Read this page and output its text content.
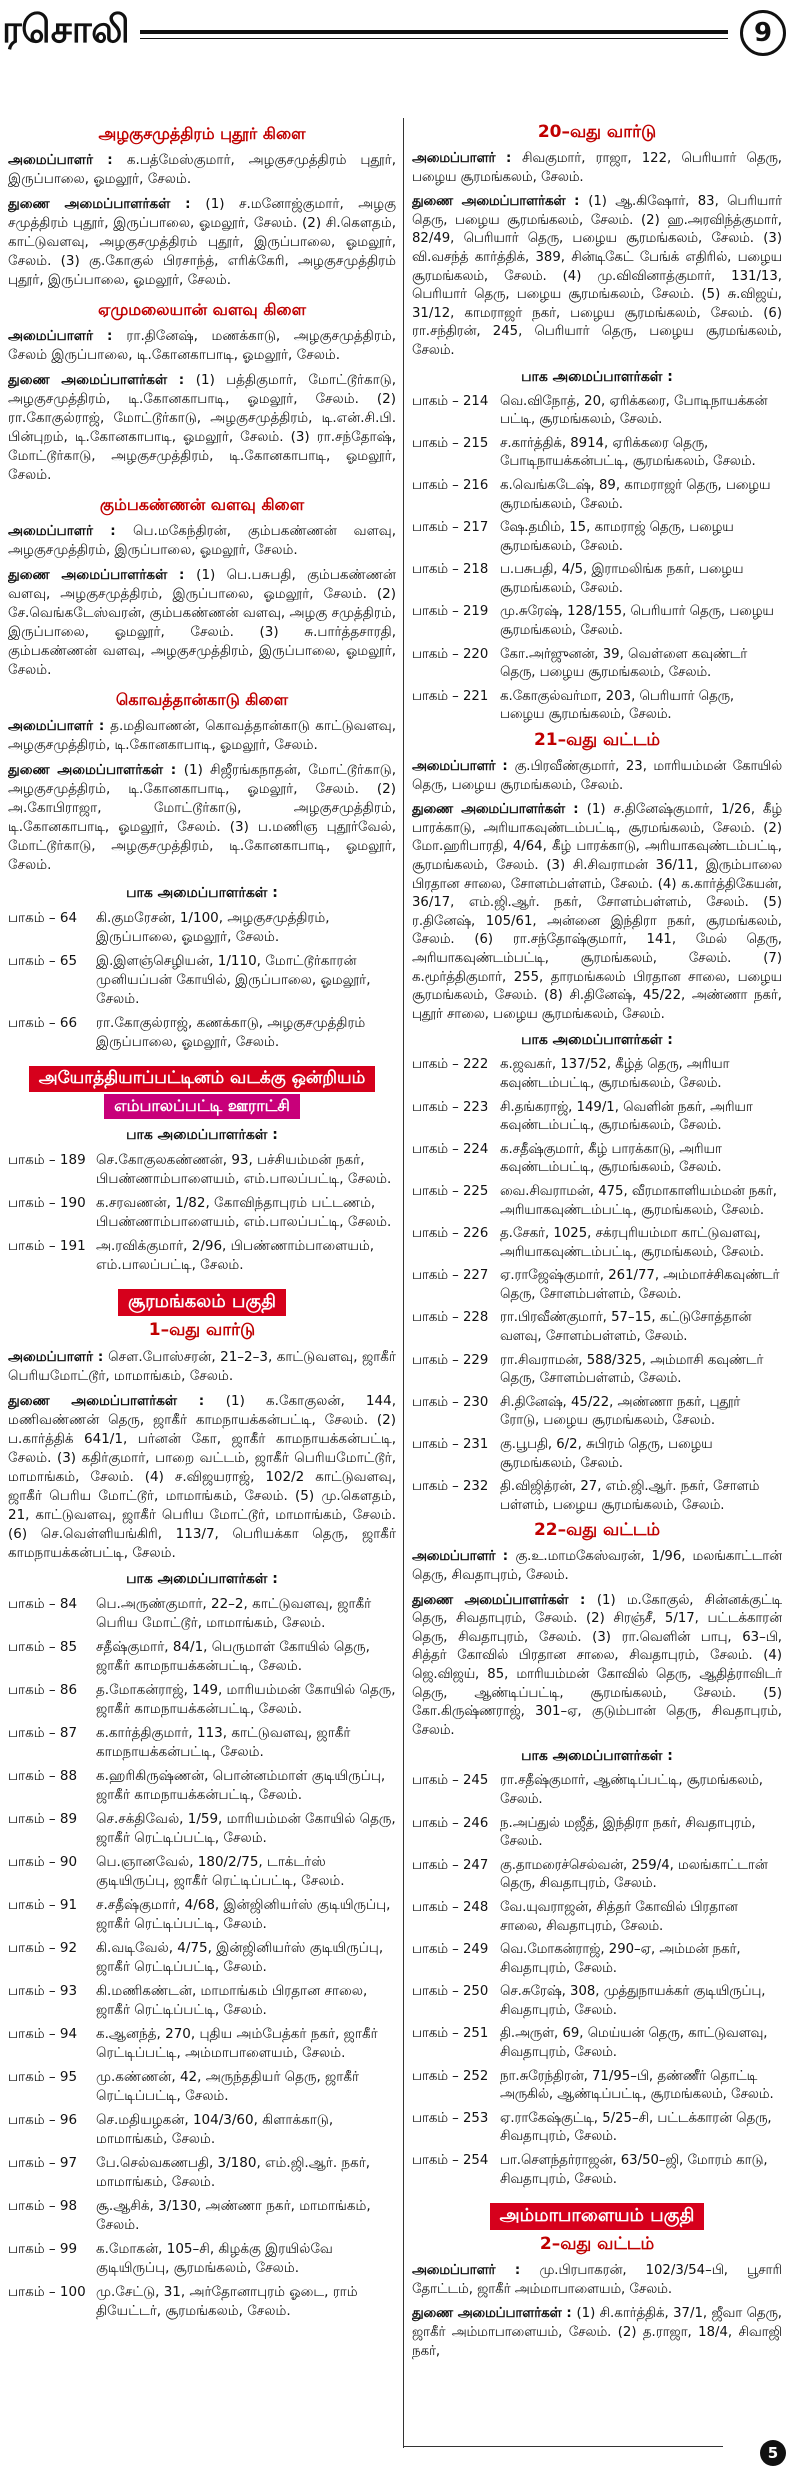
ரசொலி	9
அழகுசமுத்திரம் புதூர் கிளை
அமைப்பாளர் : க.பத்மேஸ்குமார், அழகுசமுத்திரம் புதூர், இருப்பாலை, ஓமலூர், சேலம்.
துணை அமைப்பாளர்கள் : (1) ச.மனோஜ்குமார், அழகு சமுத்திரம் புதூர், இருப்பாலை, ஓமலூர், சேலம். (2) சி.கௌதம், காட்டுவளவு, அழகுசமுத்திரம் புதூர், இருப்பாலை, ஓமலூர், சேலம். (3) கு.கோகுல் பிரசாந்த், எரிக்கேரி, அழகுசமுத்திரம் புதூர், இருப்பாலை, ஓமலூர், சேலம்.
ஏமுமலையான் வளவு கிளை
அமைப்பாளர் : ரா.தினேஷ், மணக்காடு, அழகுசமுத்திரம், சேலம் இருப்பாலை, டி.கோனகாபாடி, ஓமலூர், சேலம்.
துணை அமைப்பாளர்கள் : (1) பத்திகுமார், மோட்டூர்காடு, அழகுசமுத்திரம், டி.கோனகாபாடி, ஓமலூர், சேலம். (2) ரா.கோகுல்ராஜ், மோட்டூர்காடு, அழகுசமுத்திரம், டி.என்.சி.பி. பின்புறம், டி.கோனகாபாடி, ஓமலூர், சேலம். (3) ரா.சந்தோஷ், மோட்டூர்காடு, அழகுசமுத்திரம், டி.கோனகாபாடி, ஓமலூர், சேலம்.
கும்பகண்ணன் வளவு கிளை
அமைப்பாளர் : பெ.மகேந்திரன், கும்பகண்ணன் வளவு, அழகுசமுத்திரம், இருப்பாலை, ஓமலூர், சேலம்.
துணை அமைப்பாளர்கள் : (1) பெ.பசுபதி, கும்பகண்ணன் வளவு, அழகுசமுத்திரம், இருப்பாலை, ஓமலூர், சேலம். (2) சே.வெங்கடேஸ்வரன், கும்பகண்ணன் வளவு, அழகு சமுத்திரம், இருப்பாலை, ஓமலூர், சேலம். (3) சு.பார்த்தசாரதி, கும்பகண்ணன் வளவு, அழகுசமுத்திரம், இருப்பாலை, ஓமலூர், சேலம்.
கொவத்தான்காடு கிளை
அமைப்பாளர் : த.மதிவாணன், கொவத்தான்காடு காட்டுவளவு, அழகுசமுத்திரம், டி.கோனகாபாடி, ஓமலூர், சேலம்.
துணை அமைப்பாளர்கள் : (1) சிஜீரங்கநாதன், மோட்டூர்காடு, அழகுசமுத்திரம், டி.கோனகாபாடி, ஓமலூர், சேலம். (2) அ.கோபிராஜா, மோட்டூர்காடு, அழகுசமுத்திரம், டி.கோனகாபாடி, ஓமலூர், சேலம். (3) ப.மணிஞ புதூர்வேல், மோட்டூர்காடு, அழகுசமுத்திரம், டி.கோனகாபாடி, ஓமலூர், சேலம்.
பாக அமைப்பாளர்கள் :
பாகம் – 64	கி.குமரேசன், 1/100, அழகுசமுத்திரம், இருப்பாலை, ஓமலூர், சேலம்.
பாகம் – 65	இ.இளஞ்செழியன், 1/110, மோட்டூர்காரன் முனியப்பன் கோயில், இருப்பாலை, ஓமலூர், சேலம்.
பாகம் – 66	ரா.கோகுல்ராஜ், கணக்காடு, அழகுசமுத்திரம் இருப்பாலை, ஓமலூர், சேலம்.
அயோத்தியாப்பட்டினம் வடக்கு ஒன்றியம்
எம்பாலப்பட்டி ஊராட்சி
பாக அமைப்பாளர்கள் :
பாகம் – 189 செ.கோகுலகண்ணன், 93, பச்சியம்மன் நகர், பிபண்ணாம்பாளையம், எம்.பாலப்பட்டி, சேலம்.
பாகம் – 190 க.சரவணன், 1/82, கோவிந்தாபுரம் பட்டணம், பிபண்ணாம்பாளையம், எம்.பாலப்பட்டி, சேலம்.
பாகம் – 191 அ.ரவிக்குமார், 2/96, பிபண்ணாம்பாளையம், எம்.பாலப்பட்டி, சேலம்.
சூரமங்கலம் பகுதி
1–வது வார்டு
அமைப்பாளர் : சௌ.போஸ்சரன், 21–2–3, காட்டுவளவு, ஜாகீர் பெரியமோட்டூர், மாமாங்கம், சேலம்.
துணை அமைப்பாளர்கள் : (1) க.கோகுலன், 144, மணிவண்ணன் தெரு, ஜாகீர் காமநாயக்கன்பட்டி, சேலம். (2) ப.கார்த்திக் 641/1, பர்னன் கோ, ஜாகீர் காமநாயக்கன்பட்டி, சேலம். (3) கதிர்குமார், பாறை வட்டம், ஜாகீர் பெரியமோட்டூர், மாமாங்கம், சேலம். (4) ச.விஜயராஜ், 102/2 காட்டுவளவு, ஜாகீர் பெரிய மோட்டூர், மாமாங்கம், சேலம். (5) மு.கௌதம், 21, காட்டுவளவு, ஜாகீர் பெரிய மோட்டூர், மாமாங்கம், சேலம். (6) செ.வெள்ளியங்கிரி, 113/7, பெரியக்கா தெரு, ஜாகீர் காமநாயக்கன்பட்டி, சேலம்.
பாக அமைப்பாளர்கள் :
பாகம் – 84	பெ.அருண்குமார், 22–2, காட்டுவளவு, ஜாகீர் பெரிய மோட்டூர், மாமாங்கம், சேலம்.
பாகம் – 85	சதீஷ்குமார், 84/1, பெருமாள் கோயில் தெரு, ஜாகீர் காமநாயக்கன்பட்டி, சேலம்.
பாகம் – 86	த.மோகன்ராஜ், 149, மாரியம்மன் கோயில் தெரு, ஜாகீர் காமநாயக்கன்பட்டி, சேலம்.
பாகம் – 87	க.கார்த்திகுமார், 113, காட்டுவளவு, ஜாகீர் காமநாயக்கன்பட்டி, சேலம்.
பாகம் – 88	க.ஹரிகிருஷ்ணன், பொன்னம்மாள் குடியிருப்பு, ஜாகீர் காமநாயக்கன்பட்டி, சேலம்.
பாகம் – 89	செ.சக்திவேல், 1/59, மாரியம்மன் கோயில் தெரு, ஜாகீர் ரெட்டிப்பட்டி, சேலம்.
பாகம் – 90	பெ.ஞானவேல், 180/2/75, டாக்டர்ஸ் குடியிருப்பு, ஜாகீர் ரெட்டிப்பட்டி, சேலம்.
பாகம் – 91	ச.சதீஷ்குமார், 4/68, இன்ஜினியர்ஸ் குடியிருப்பு, ஜாகீர் ரெட்டிப்பட்டி, சேலம்.
பாகம் – 92	கி.வடிவேல், 4/75, இன்ஜினியர்ஸ் குடியிருப்பு, ஜாகீர் ரெட்டிப்பட்டி, சேலம்.
பாகம் – 93	கி.மணிகண்டன், மாமாங்கம் பிரதான சாலை, ஜாகீர் ரெட்டிப்பட்டி, சேலம்.
பாகம் – 94	க.ஆனந்த், 270, புதிய அம்பேத்கர் நகர், ஜாகீர் ரெட்டிப்பட்டி, அம்மாபாளையம், சேலம்.
பாகம் – 95	மு.கண்ணன், 42, அருந்ததியர் தெரு, ஜாகீர் ரெட்டிப்பட்டி, சேலம்.
பாகம் – 96	செ.மதியழகன், 104/3/60, கிளாக்காடு, மாமாங்கம், சேலம்.
பாகம் – 97	பே.செல்வகணபதி, 3/180, எம்.ஜி.ஆர். நகர், மாமாங்கம், சேலம்.
பாகம் – 98	சூ.ஆசிக், 3/130, அண்ணா நகர், மாமாங்கம், சேலம்.
பாகம் – 99	க.மோகன், 105–சி, கிழக்கு இரயில்வே குடியிருப்பு, சூரமங்கலம், சேலம்.
பாகம் – 100 மு.சேட்டு, 31, அர்தோனாபுரம் ஓடை, ராம் தியேட்டர், சூரமங்கலம், சேலம்.
20–வது வார்டு
அமைப்பாளர் : சிவகுமார், ராஜா, 122, பெரியார் தெரு, பழைய சூரமங்கலம், சேலம்.
துணை அமைப்பாளர்கள் : (1) ஆ.கிஷோர், 83, பெரியார் தெரு, பழைய சூரமங்கலம், சேலம். (2) ஹ.அரவிந்த்குமார், 82/49, பெரியார் தெரு, பழைய சூரமங்கலம், சேலம். (3) வி.வசந்த் கார்த்திக், 389, சின்டிகேட் பேங்க் எதிரில், பழைய சூரமங்கலம், சேலம். (4) மு.விவினாத்குமார், 131/13, பெரியார் தெரு, பழைய சூரமங்கலம், சேலம். (5) சு.விஜய், 31/12, காமராஜர் நகர், பழைய சூரமங்கலம், சேலம். (6) ரா.சந்திரன், 245, பெரியார் தெரு, பழைய சூரமங்கலம், சேலம்.
பாக அமைப்பாளர்கள் :
பாகம் – 214 வெ.விநோத், 20, ஏரிக்கரை, போடிநாயக்கன் பட்டி, சூரமங்கலம், சேலம்.
பாகம் – 215 ச.கார்த்திக், 8914, ஏரிக்கரை தெரு, போடிநாயக்கன்பட்டி, சூரமங்கலம், சேலம்.
பாகம் – 216 க.வெங்கடேஷ், 89, காமராஜர் தெரு, பழைய சூரமங்கலம், சேலம்.
பாகம் – 217 ஷே.தமிம், 15, காமராஜ் தெரு, பழைய சூரமங்கலம், சேலம்.
பாகம் – 218 ப.பசுபதி, 4/5, இராமலிங்க நகர், பழைய சூரமங்கலம், சேலம்.
பாகம் – 219 மு.சுரேஷ், 128/155, பெரியார் தெரு, பழைய சூரமங்கலம், சேலம்.
பாகம் – 220 கோ.அர்ஜுனன், 39, வெள்ளை கவுண்டர் தெரு, பழைய சூரமங்கலம், சேலம்.
பாகம் – 221 க.கோகுல்வர்மா, 203, பெரியார் தெரு, பழைய சூரமங்கலம், சேலம்.
21–வது வட்டம்
அமைப்பாளர் : கு.பிரவீண்குமார், 23, மாரியம்மன் கோயில் தெரு, பழைய சூரமங்கலம், சேலம்.
துணை அமைப்பாளர்கள் : (1) ச.தினேஷ்குமார், 1/26, கீழ் பாரக்காடு, அரியாகவுண்டம்பட்டி, சூரமங்கலம், சேலம். (2) மோ.ஹரிபாரதி, 4/64, கீழ் பாரக்காடு, அரியாகவுண்டம்பட்டி, சூரமங்கலம், சேலம். (3) சி.சிவராமன் 36/11, இரும்பாலை பிரதான சாலை, சோளம்பள்ளம், சேலம். (4) க.கார்த்திகேயன், 36/17, எம்.ஜி.ஆர். நகர், சோளம்பள்ளம், சேலம். (5) ர.தினேஷ், 105/61, அன்னை இந்திரா நகர், சூரமங்கலம், சேலம். (6) ரா.சந்தோஷ்குமார், 141, மேல் தெரு, அரியாகவுண்டம்பட்டி, சூரமங்கலம், சேலம். (7) க.மூர்த்திகுமார், 255, தாரமங்கலம் பிரதான சாலை, பழைய சூரமங்கலம், சேலம். (8) சி.தினேஷ், 45/22, அண்ணா நகர், புதூர் சாலை, பழைய சூரமங்கலம், சேலம்.
பாக அமைப்பாளர்கள் :
பாகம் – 222 க.ஜவகர், 137/52, கீழ்த் தெரு, அரியா கவுண்டம்பட்டி, சூரமங்கலம், சேலம்.
பாகம் – 223 சி.தங்கராஜ், 149/1, வெளின் நகர், அரியா கவுண்டம்பட்டி, சூரமங்கலம், சேலம்.
பாகம் – 224 க.சதீஷ்குமார், கீழ் பாரக்காடு, அரியா கவுண்டம்பட்டி, சூரமங்கலம், சேலம்.
பாகம் – 225 வை.சிவராமன், 475, வீரமாகாளியம்மன் நகர், அரியாகவுண்டம்பட்டி, சூரமங்கலம், சேலம்.
பாகம் – 226 த.சேகர், 1025, சக்ரபுரியம்மா காட்டுவளவு, அரியாகவுண்டம்பட்டி, சூரமங்கலம், சேலம்.
பாகம் – 227 ஏ.ராஜேஷ்குமார், 261/77, அம்மாச்சிகவுண்டர் தெரு, சோளம்பள்ளம், சேலம்.
பாகம் – 228 ரா.பிரவீண்குமார், 57–15, கட்டுசோத்தான் வளவு, சோளம்பள்ளம், சேலம்.
பாகம் – 229 ரா.சிவராமன், 588/325, அம்மாசி கவுண்டர் தெரு, சோளம்பள்ளம், சேலம்.
பாகம் – 230 சி.தினேஷ், 45/22, அண்ணா நகர், புதூர் ரோடு, பழைய சூரமங்கலம், சேலம்.
பாகம் – 231 கு.பூபதி, 6/2, சுபிரம் தெரு, பழைய சூரமங்கலம், சேலம்.
பாகம் – 232 தி.விஜித்ரன், 27, எம்.ஜி.ஆர். நகர், சோளம் பள்ளம், பழைய சூரமங்கலம், சேலம்.
22–வது வட்டம்
அமைப்பாளர் : கு.உ.மாமகேஸ்வரன், 1/96, மலங்காட்டான் தெரு, சிவதாபுரம், சேலம்.
துணை அமைப்பாளர்கள் : (1) ம.கோகுல், சின்னக்குட்டி தெரு, சிவதாபுரம், சேலம். (2) சிரஞ்சீ, 5/17, பட்டக்காரன் தெரு, சிவதாபுரம், சேலம். (3) ரா.வெளின் பாபு, 63–பி, சித்தர் கோவில் பிரதான சாலை, சிவதாபுரம், சேலம். (4) ஜெ.விஜய், 85, மாரியம்மன் கோவில் தெரு, ஆதித்ராவிடர் தெரு, ஆண்டிப்பட்டி, சூரமங்கலம், சேலம். (5) கோ.கிருஷ்ணராஜ், 301–ஏ, குடும்பான் தெரு, சிவதாபுரம், சேலம்.
பாக அமைப்பாளர்கள் :
பாகம் – 245 ரா.சதீஷ்குமார், ஆண்டிப்பட்டி, சூரமங்கலம், சேலம்.
பாகம் – 246 ந.அப்துல் மஜீத், இந்திரா நகர், சிவதாபுரம், சேலம்.
பாகம் – 247 கு.தாமரைச்செல்வன், 259/4, மலங்காட்டான் தெரு, சிவதாபுரம், சேலம்.
பாகம் – 248 வே.யுவராஜன், சித்தர் கோவில் பிரதான சாலை, சிவதாபுரம், சேலம்.
பாகம் – 249 வெ.மோகன்ராஜ், 290–ஏ, அம்மன் நகர், சிவதாபுரம், சேலம்.
பாகம் – 250 செ.சுரேஷ், 308, முத்துநாயக்கர் குடியிருப்பு, சிவதாபுரம், சேலம்.
பாகம் – 251 தி.அருள், 69, மெய்யன் தெரு, காட்டுவளவு, சிவதாபுரம், சேலம்.
பாகம் – 252 நா.சுரேந்திரன், 71/95–பி, தண்ணீர் தொட்டி அருகில், ஆண்டிப்பட்டி, சூரமங்கலம், சேலம்.
பாகம் – 253 ஏ.ராகேஷ்குட்டி, 5/25–சி, பட்டக்காரன் தெரு, சிவதாபுரம், சேலம்.
பாகம் – 254 பா.செளந்தர்ராஜன், 63/50–ஜி, மோரம் காடு, சிவதாபுரம், சேலம்.
அம்மாபாளையம் பகுதி
2–வது வட்டம்
அமைப்பாளர் : மு.பிரபாகரன், 102/3/54–பி, பூசாரி தோட்டம், ஜாகீர் அம்மாபாளையம், சேலம்.
துணை அமைப்பாளர்கள் : (1) சி.கார்த்திக், 37/1, ஜீவா தெரு, ஜாகீர் அம்மாபாளையம், சேலம். (2) த.ராஜா, 18/4, சிவாஜி நகர்,
5
